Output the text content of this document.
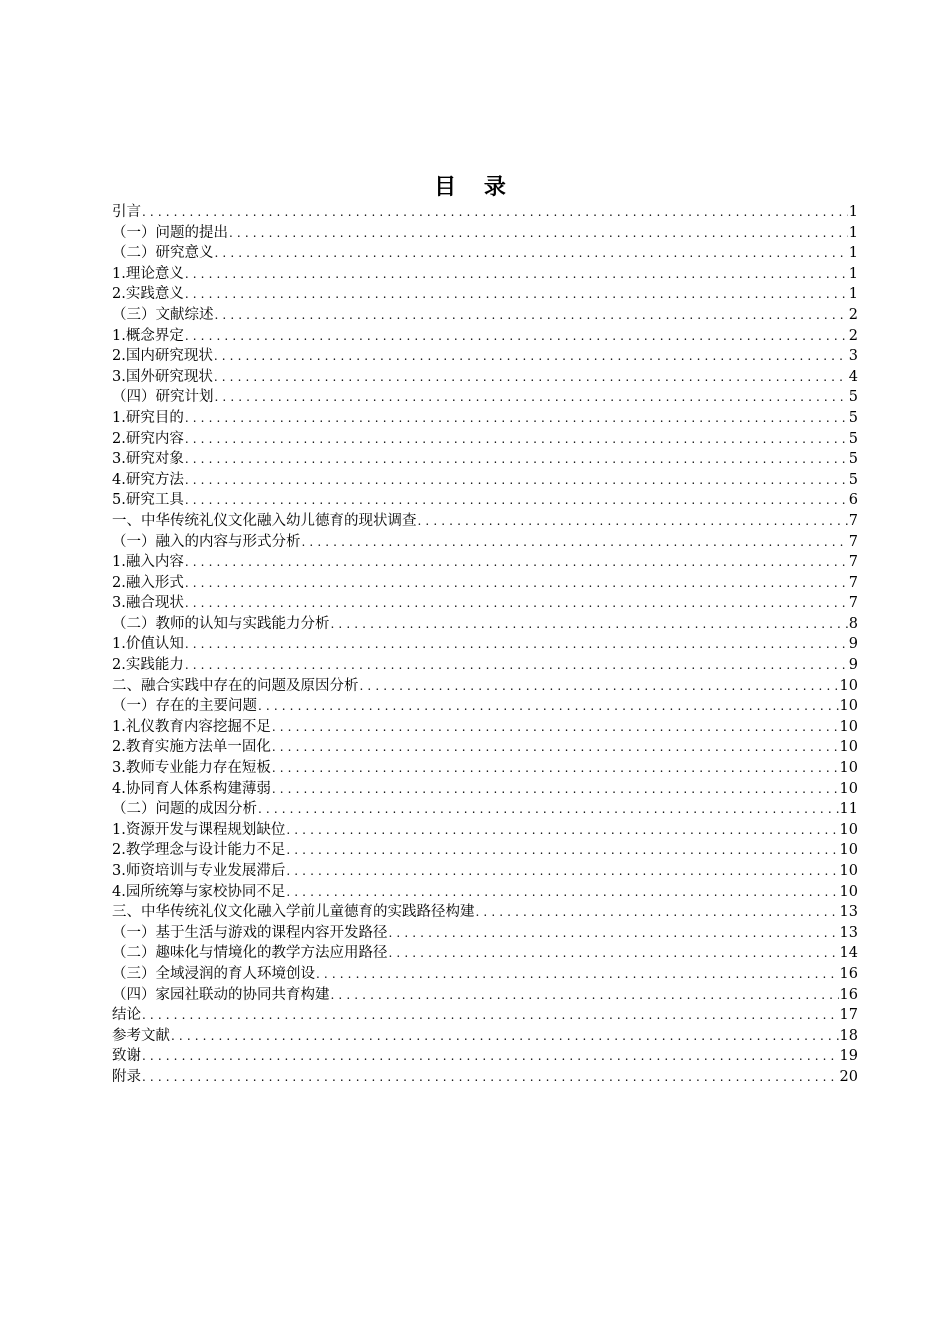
目 录
引言 .....	1
（一）问题的提出 .....	1
（二）研究意义 .....	1
1.理论意义 .....	1
2.实践意义 .....	1
（三）文献综述 .....	2
1.概念界定 .....	2
2.国内研究现状 .....	3
3.国外研究现状 .....	4
（四）研究计划 .....	5
1.研究目的 .....	5
2.研究内容 .....	5
3.研究对象 .....	5
4.研究方法 .....	5
5.研究工具 .....	6
一、中华传统礼仪文化融入幼儿德育的现状调查 .....	7
（一）融入的内容与形式分析 .....	7
1.融入内容 .....	7
2.融入形式 .....	7
3.融合现状 .....	7
（二）教师的认知与实践能力分析 .....	8
1.价值认知 .....	9
2.实践能力 .....	9
二、融合实践中存在的问题及原因分析 .....	10
（一）存在的主要问题 .....	10
1.礼仪教育内容挖掘不足 .....	10
2.教育实施方法单一固化 .....	10
3.教师专业能力存在短板 .....	10
4.协同育人体系构建薄弱 .....	10
（二）问题的成因分析 .....	11
1.资源开发与课程规划缺位 .....	10
2.教学理念与设计能力不足 .....	10
3.师资培训与专业发展滞后 .....	10
4.园所统筹与家校协同不足 .....	10
三、中华传统礼仪文化融入学前儿童德育的实践路径构建 .....	13
（一）基于生活与游戏的课程内容开发路径 .....	13
（二）趣味化与情境化的教学方法应用路径 .....	14
（三）全域浸润的育人环境创设 .....	16
（四）家园社联动的协同共育构建 .....	16
结论 .....	17
参考文献 .....	18
致谢 .....	19
附录 .....	20
